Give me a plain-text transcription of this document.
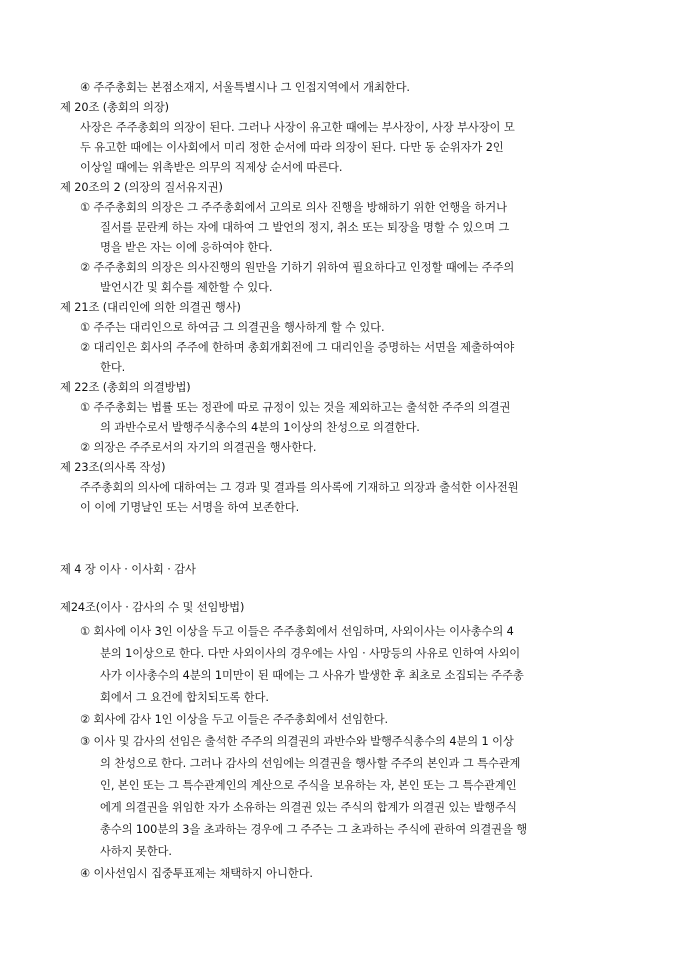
④ 주주총회는 본점소재지, 서울특별시나 그 인접지역에서 개최한다.
제 20조 (총회의 의장)
사장은 주주총회의 의장이 된다. 그러나 사장이 유고한 때에는 부사장이, 사장 부사장이 모
두 유고한 때에는 이사회에서 미리 정한 순서에 따라 의장이 된다. 다만 동 순위자가 2인
이상일 때에는 위촉받은 의무의 직제상 순서에 따른다.
제 20조의 2 (의장의 질서유지권)
① 주주총회의 의장은 그 주주총회에서 고의로 의사 진행을 방해하기 위한 언행을 하거나
질서를 문란케 하는 자에 대하여 그 발언의 정지, 취소 또는 퇴장을 명할 수 있으며 그
명을 받은 자는 이에 응하여야 한다.
② 주주총회의 의장은 의사진행의 원만을 기하기 위하여 필요하다고 인정할 때에는 주주의
발언시간 및 회수를 제한할 수 있다.
제 21조 (대리인에 의한 의결권 행사)
① 주주는 대리인으로 하여금 그 의결권을 행사하게 할 수 있다.
② 대리인은 회사의 주주에 한하며 총회개회전에 그 대리인을 증명하는 서면을 제출하여야
한다.
제 22조 (총회의 의결방법)
① 주주총회는 법률 또는 정관에 따로 규정이 있는 것을 제외하고는 출석한 주주의 의결권
의 과반수로서 발행주식총수의 4분의 1이상의 찬성으로 의결한다.
② 의장은 주주로서의 자기의 의결권을 행사한다.
제 23조(의사록 작성)
주주총회의 의사에 대하여는 그 경과 및 결과를 의사록에 기재하고 의장과 출석한 이사전원
이 이에 기명날인 또는 서명을 하여 보존한다.
제 4 장 이사 · 이사회 · 감사
제24조(이사 · 감사의 수 및 선임방법)
① 회사에 이사 3인 이상을 두고 이들은 주주총회에서 선임하며, 사외이사는 이사총수의 4
분의 1이상으로 한다. 다만 사외이사의 경우에는 사임 · 사망등의 사유로 인하여 사외이
사가 이사총수의 4분의 1미만이 된 때에는 그 사유가 발생한 후 최초로 소집되는 주주총
회에서 그 요건에 합치되도록 한다.
② 회사에 감사 1인 이상을 두고 이들은 주주총회에서 선임한다.
③ 이사 및 감사의 선임은 출석한 주주의 의결권의 과반수와 발행주식총수의 4분의 1 이상
의 찬성으로 한다. 그러나 감사의 선임에는 의결권을 행사할 주주의 본인과 그 특수관계
인, 본인 또는 그 특수관계인의 계산으로 주식을 보유하는 자, 본인 또는 그 특수관계인
에게 의결권을 위임한 자가 소유하는 의결권 있는 주식의 합계가 의결권 있는 발행주식
총수의 100분의 3을 초과하는 경우에 그 주주는 그 초과하는 주식에 관하여 의결권을 행
사하지 못한다.
④ 이사선임시 집중투표제는 채택하지 아니한다.
